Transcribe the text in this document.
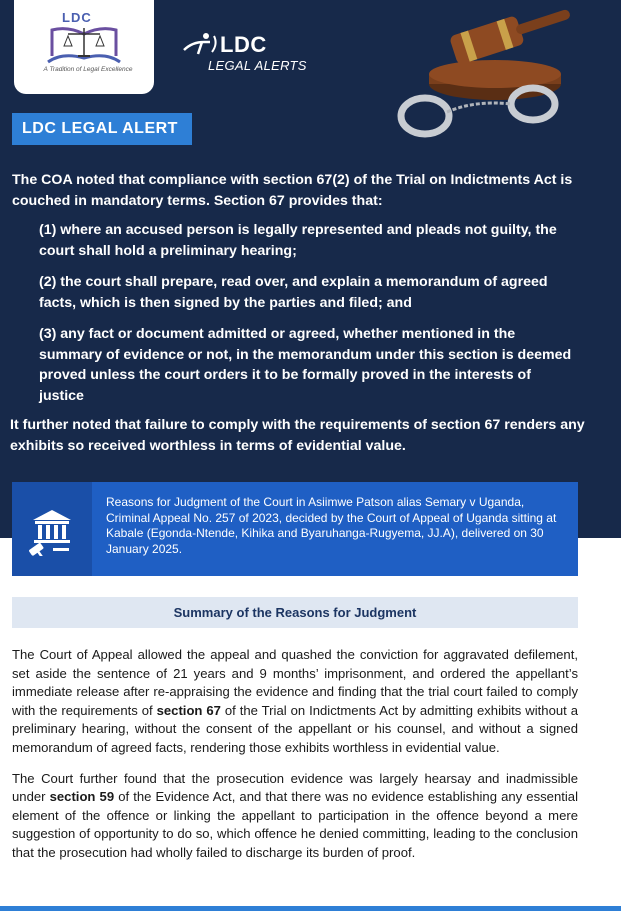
LDC
A Tradition of Legal Excellence
LDC
LEGAL ALERTS
LDC LEGAL ALERT

The COA noted that compliance with section 67(2) of the Trial on Indictments Act is couched in mandatory terms. Section 67 provides that:

(1) where an accused person is legally represented and pleads not guilty, the court shall hold a preliminary hearing;

(2) the court shall prepare, read over, and explain a memorandum of agreed facts, which is then signed by the parties and filed; and

(3) any fact or document admitted or agreed, whether mentioned in the summary of evidence or not, in the memorandum under this section is deemed proved unless the court orders it to be formally proved in the interests of justice

It further noted that failure to comply with the requirements of section 67 renders any exhibits so received worthless in terms of evidential value.

Reasons for Judgment of the Court in Asiimwe Patson alias Semary v Uganda, Criminal Appeal No. 257 of 2023, decided by the Court of Appeal of Uganda sitting at Kabale (Egonda-Ntende, Kihika and Byaruhanga-Rugyema, JJ.A), delivered on 30 January 2025.
Summary of the Reasons for Judgment

The Court of Appeal allowed the appeal and quashed the conviction for aggravated defilement, set aside the sentence of 21 years and 9 months’ imprisonment, and ordered the appellant’s immediate release after re-appraising the evidence and finding that the trial court failed to comply with the requirements of section 67 of the Trial on Indictments Act by admitting exhibits without a preliminary hearing, without the consent of the appellant or his counsel, and without a signed memorandum of agreed facts, rendering those exhibits worthless in evidential value.

The Court further found that the prosecution evidence was largely hearsay and inadmissible under section 59 of the Evidence Act, and that there was no evidence establishing any essential element of the offence or linking the appellant to participation in the offence beyond a mere suggestion of opportunity to do so, which offence he denied committing, leading to the conclusion that the prosecution had wholly failed to discharge its burden of proof.
